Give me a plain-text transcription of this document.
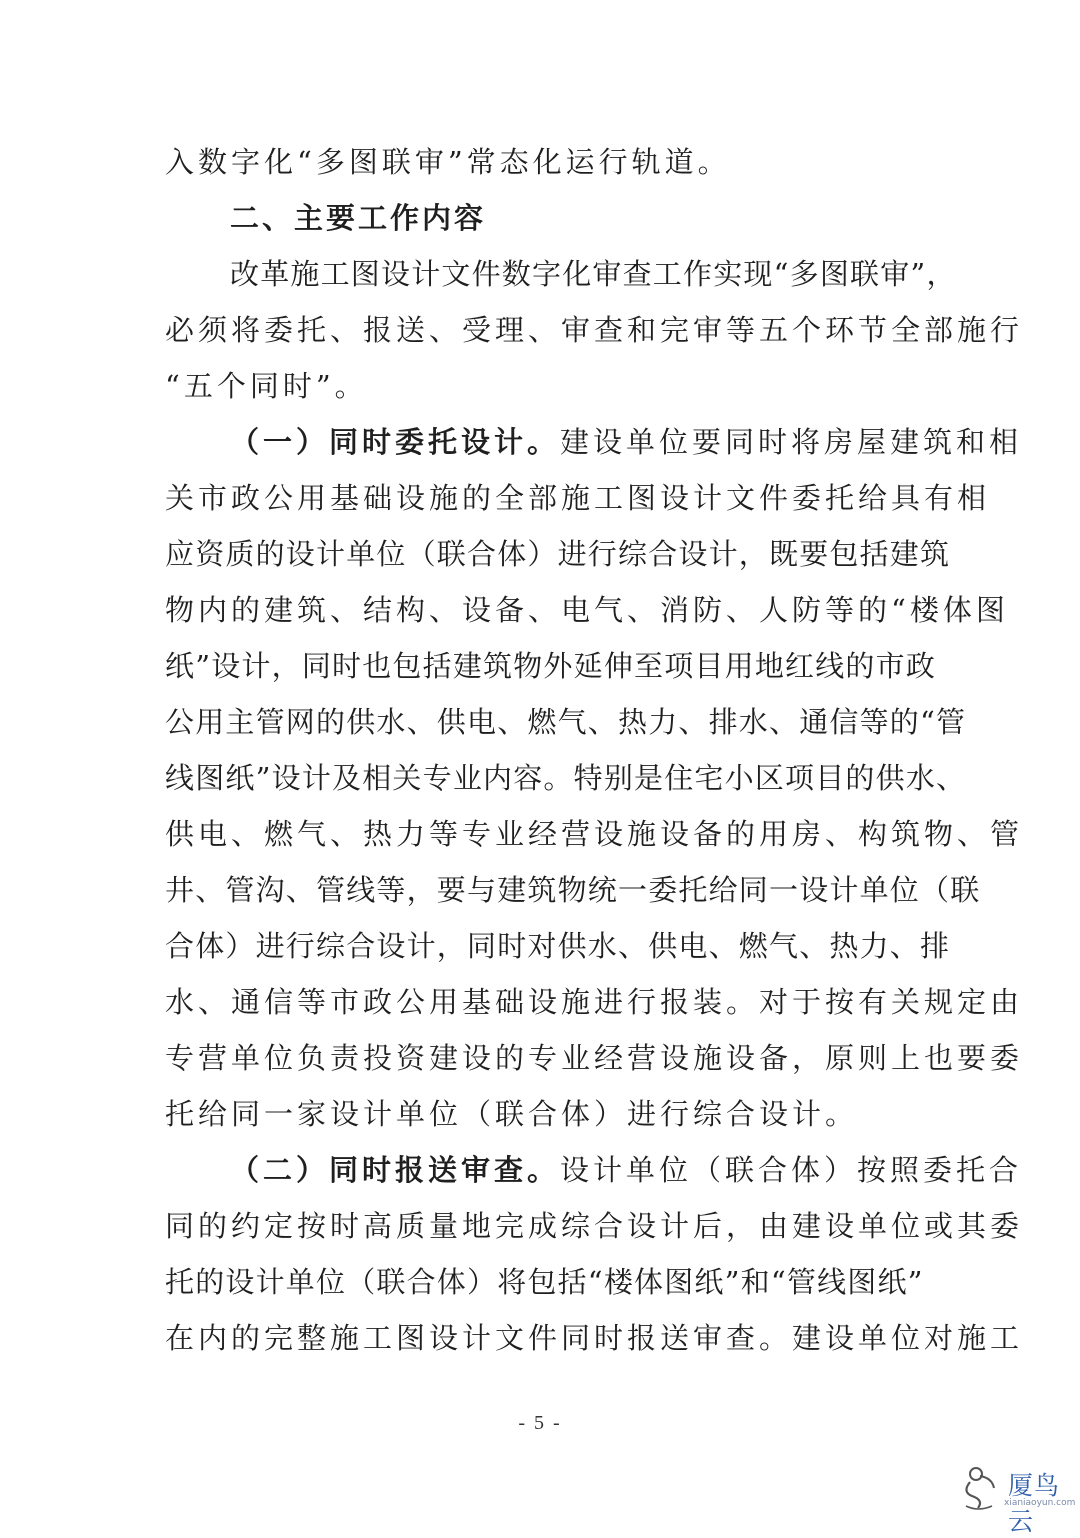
入数字化“多图联审”常态化运行轨道。

二、主要工作内容

改革施工图设计文件数字化审查工作实现“多图联审”，

必须将委托、报送、受理、审查和完审等五个环节全部施行

“五个同时”。

（一）同时委托设计。建设单位要同时将房屋建筑和相

关市政公用基础设施的全部施工图设计文件委托给具有相

应资质的设计单位（联合体）进行综合设计，既要包括建筑

物内的建筑、结构、设备、电气、消防、人防等的“楼体图

纸”设计，同时也包括建筑物外延伸至项目用地红线的市政

公用主管网的供水、供电、燃气、热力、排水、通信等的“管

线图纸”设计及相关专业内容。特别是住宅小区项目的供水、

供电、燃气、热力等专业经营设施设备的用房、构筑物、管

井、管沟、管线等，要与建筑物统一委托给同一设计单位（联

合体）进行综合设计，同时对供水、供电、燃气、热力、排

水、通信等市政公用基础设施进行报装。对于按有关规定由

专营单位负责投资建设的专业经营设施设备，原则上也要委

托给同一家设计单位（联合体）进行综合设计。

（二）同时报送审查。设计单位（联合体）按照委托合

同的约定按时高质量地完成综合设计后，由建设单位或其委

托的设计单位（联合体）将包括“楼体图纸”和“管线图纸”

在内的完整施工图设计文件同时报送审查。建设单位对施工

- 5 -
厦鸟云
xianiaoyun.com
